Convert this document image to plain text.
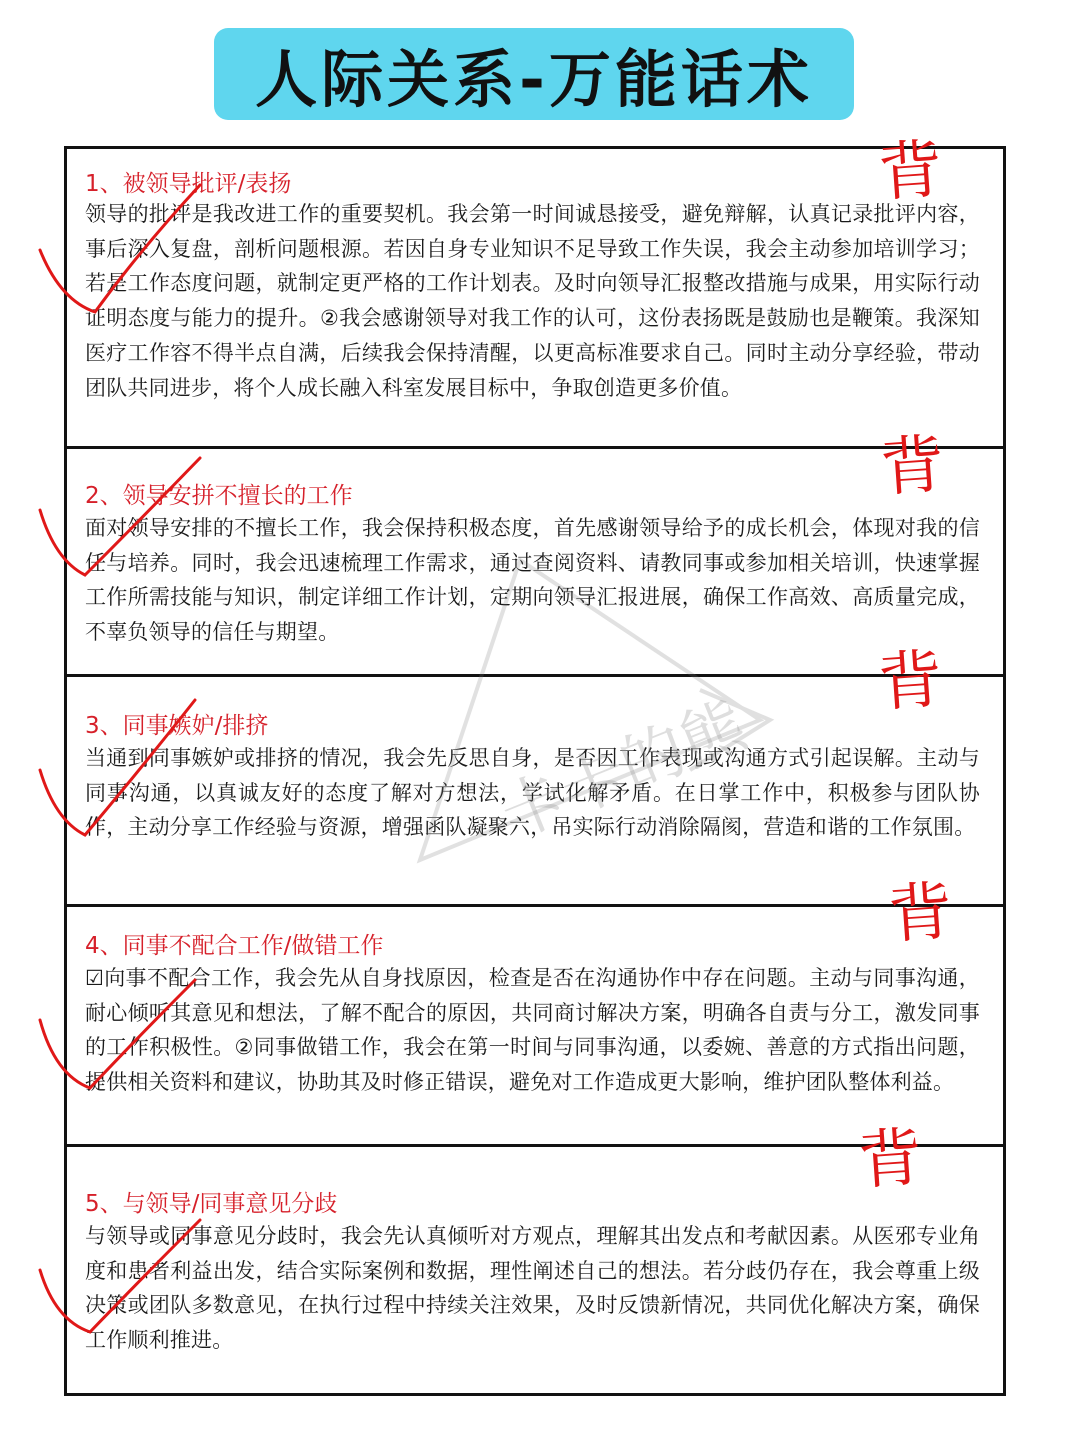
人际关系-万能话术
1、被领导批评/表扬
领导的批评是我改进工作的重要契机。我会第一时间诚恳接受，避免辩解，认真记录批评内容，事后深入复盘，剖析问题根源。若因自身专业知识不足导致工作失误，我会主动参加培训学习；若是工作态度问题，就制定更严格的工作计划表。及时向领导汇报整改措施与成果，用实际行动证明态度与能力的提升。②我会感谢领导对我工作的认可，这份表扬既是鼓励也是鞭策。我深知医疗工作容不得半点自满，后续我会保持清醒，以更高标准要求自己。同时主动分享经验，带动团队共同进步，将个人成长融入科室发展目标中，争取创造更多价值。
2、领导安拼不擅长的工作
面对领导安排的不擅长工作，我会保持积极态度，首先感谢领导给予的成长机会，体现对我的信任与培养。同时，我会迅速梳理工作需求，通过查阅资料、请教同事或参加相关培训，快速掌握工作所需技能与知识，制定详细工作计划，定期向领导汇报进展，确保工作高效、高质量完成，不辜负领导的信任与期望。
3、同事嫉妒/排挤
当通到同事嫉妒或排挤的情况，我会先反思自身，是否因工作表现或沟通方式引起误解。主动与同事沟通，以真诚友好的态度了解对方想法，学试化解矛盾。在日掌工作中，积极参与团队协作，主动分享工作经验与资源，增强函队凝聚六，吊实际行动消除隔阂，营造和谐的工作氛围。
4、同事不配合工作/做错工作
☑向事不配合工作，我会先从自身找原因，检查是否在沟通协作中存在问题。主动与同事沟通，耐心倾听其意见和想法，了解不配合的原因，共同商讨解决方案，明确各自责与分工，激发同事的工作积极性。②同事做错工作，我会在第一时间与同事沟通，以委婉、善意的方式指出问题，提供相关资料和建议，协助其及时修正错误，避免对工作造成更大影响，维护团队整体利益。
5、与领导/同事意见分歧
与领导或同事意见分歧时，我会先认真倾听对方观点，理解其出发点和考献因素。从医邪专业角度和患者利益出发，结合实际案例和数据，理性阐述自己的想法。若分歧仍存在，我会尊重上级决策或团队多数意见，在执行过程中持续关注效果，及时反馈新情况，共同优化解决方案，确保工作顺利推进。
卡卡的熊
背
背
背
背
背
